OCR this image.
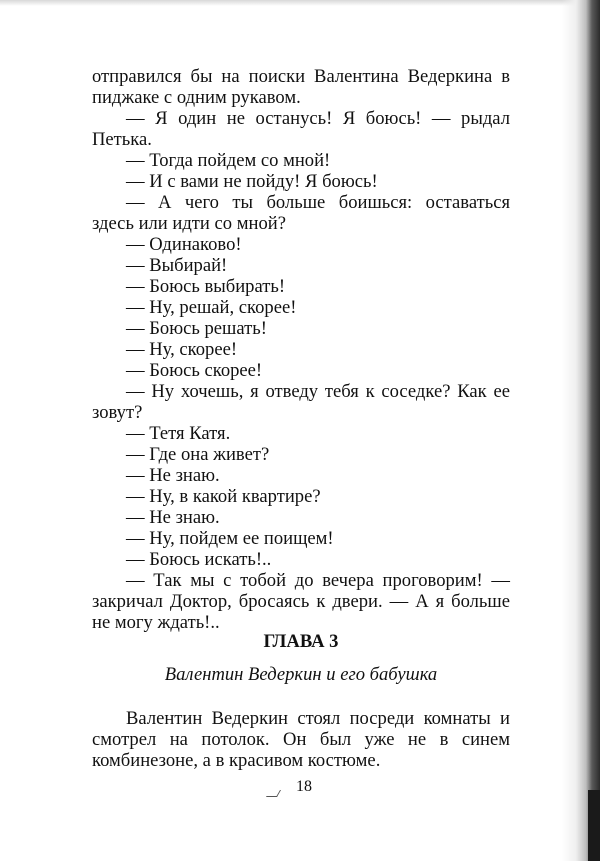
отправился бы на поиски Валентина Ведеркина в
пиджаке с одним рукавом.
— Я один не останусь! Я боюсь! — рыдал
Петька.
— Тогда пойдем со мной!
— И с вами не пойду! Я боюсь!
— А чего ты больше боишься: оставаться
здесь или идти со мной?
— Одинаково!
— Выбирай!
— Боюсь выбирать!
— Ну, решай, скорее!
— Боюсь решать!
— Ну, скорее!
— Боюсь скорее!
— Ну хочешь, я отведу тебя к соседке? Как ее
зовут?
— Тетя Катя.
— Где она живет?
— Не знаю.
— Ну, в какой квартире?
— Не знаю.
— Ну, пойдем ее поищем!
— Боюсь искать!..
— Так мы с тобой до вечера проговорим! —
закричал Доктор, бросаясь к двери. — А я больше
не могу ждать!..
ГЛАВА 3
Валентин Ведеркин и его бабушка
Валентин Ведеркин стоял посреди комнаты и
смотрел на потолок. Он был уже не в синем
комбинезоне, а в красивом костюме.
18
